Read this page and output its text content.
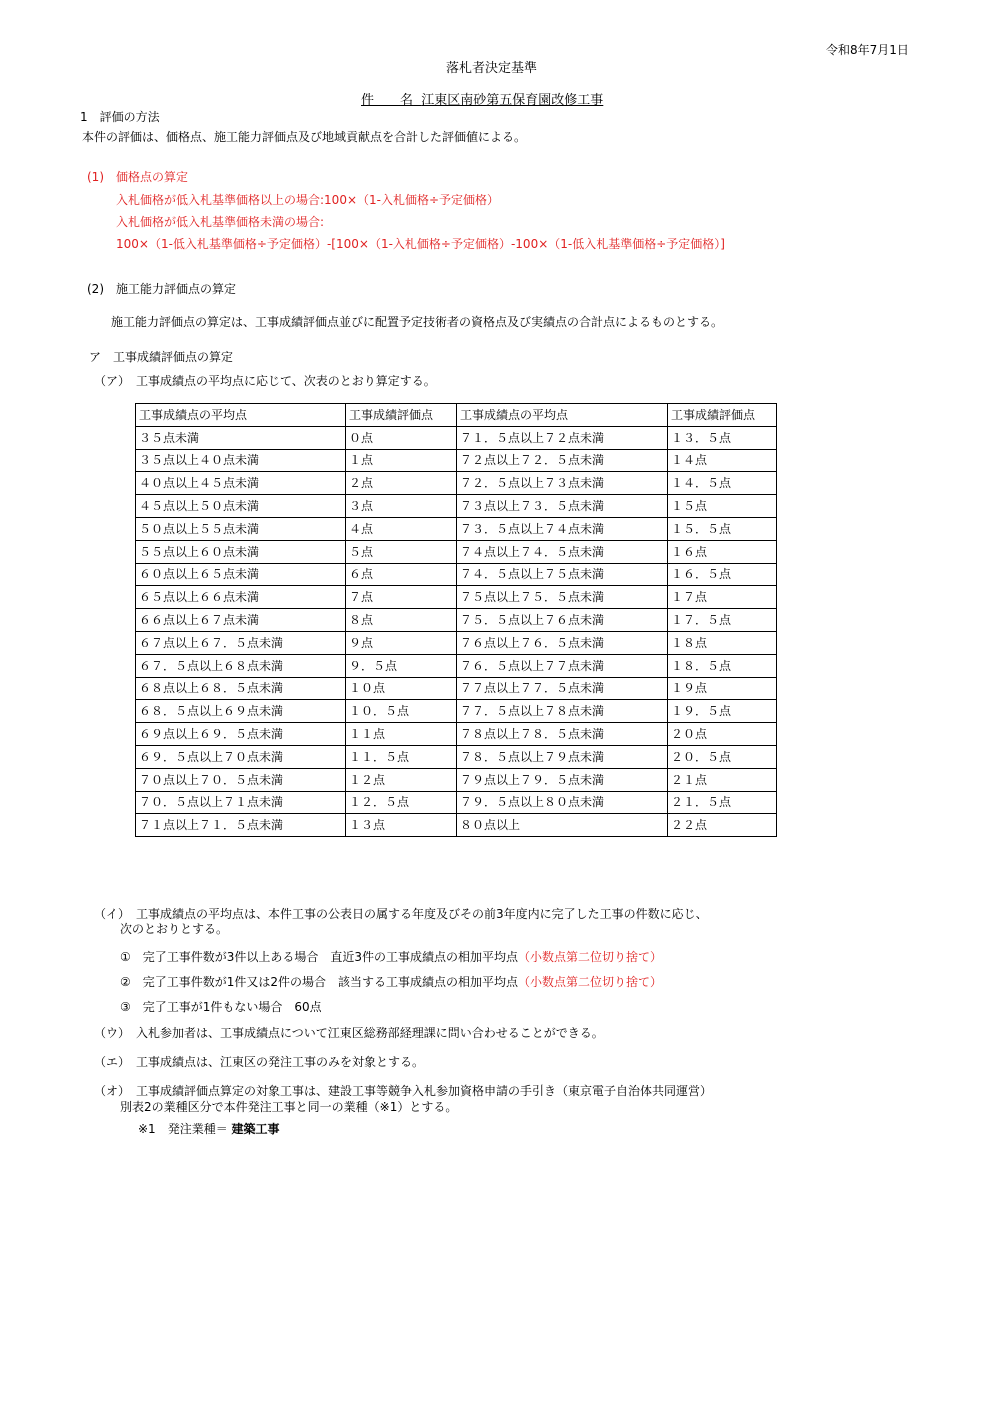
令和8年7月1日
落札者決定基準
件　　名 江東区南砂第五保育園改修工事
1　評価の方法
本件の評価は、価格点、施工能力評価点及び地域貢献点を合計した評価値による。
(1)　価格点の算定
入札価格が低入札基準価格以上の場合:100×（1-入札価格÷予定価格）
入札価格が低入札基準価格未満の場合:
100×（1-低入札基準価格÷予定価格）-[100×（1-入札価格÷予定価格）-100×（1-低入札基準価格÷予定価格）]
(2)　施工能力評価点の算定
施工能力評価点の算定は、工事成績評価点並びに配置予定技術者の資格点及び実績点の合計点によるものとする。
ア　工事成績評価点の算定
（ア）　工事成績点の平均点に応じて、次表のとおり算定する。
工事成績点の平均点	工事成績評価点	工事成績点の平均点	工事成績評価点
３５点未満	０点	７１．５点以上７２点未満	１３．５点
３５点以上４０点未満	１点	７２点以上７２．５点未満	１４点
４０点以上４５点未満	２点	７２．５点以上７３点未満	１４．５点
４５点以上５０点未満	３点	７３点以上７３．５点未満	１５点
５０点以上５５点未満	４点	７３．５点以上７４点未満	１５．５点
５５点以上６０点未満	５点	７４点以上７４．５点未満	１６点
６０点以上６５点未満	６点	７４．５点以上７５点未満	１６．５点
６５点以上６６点未満	７点	７５点以上７５．５点未満	１７点
６６点以上６７点未満	８点	７５．５点以上７６点未満	１７．５点
６７点以上６７．５点未満	９点	７６点以上７６．５点未満	１８点
６７．５点以上６８点未満	９．５点	７６．５点以上７７点未満	１８．５点
６８点以上６８．５点未満	１０点	７７点以上７７．５点未満	１９点
６８．５点以上６９点未満	１０．５点	７７．５点以上７８点未満	１９．５点
６９点以上６９．５点未満	１１点	７８点以上７８．５点未満	２０点
６９．５点以上７０点未満	１１．５点	７８．５点以上７９点未満	２０．５点
７０点以上７０．５点未満	１２点	７９点以上７９．５点未満	２１点
７０．５点以上７１点未満	１２．５点	７９．５点以上８０点未満	２１．５点
７１点以上７１．５点未満	１３点	８０点以上	２２点
（イ）　工事成績点の平均点は、本件工事の公表日の属する年度及びその前3年度内に完了した工事の件数に応じ、
次のとおりとする。
①　完了工事件数が3件以上ある場合　直近3件の工事成績点の相加平均点（小数点第二位切り捨て）
②　完了工事件数が1件又は2件の場合　該当する工事成績点の相加平均点（小数点第二位切り捨て）
③　完了工事が1件もない場合　60点
（ウ）　入札参加者は、工事成績点について江東区総務部経理課に問い合わせることができる。
（エ）　工事成績点は、江東区の発注工事のみを対象とする。
（オ）　工事成績評価点算定の対象工事は、建設工事等競争入札参加資格申請の手引き（東京電子自治体共同運営）
別表2の業種区分で本件発注工事と同一の業種（※1）とする。
※1　発注業種＝ 建築工事
